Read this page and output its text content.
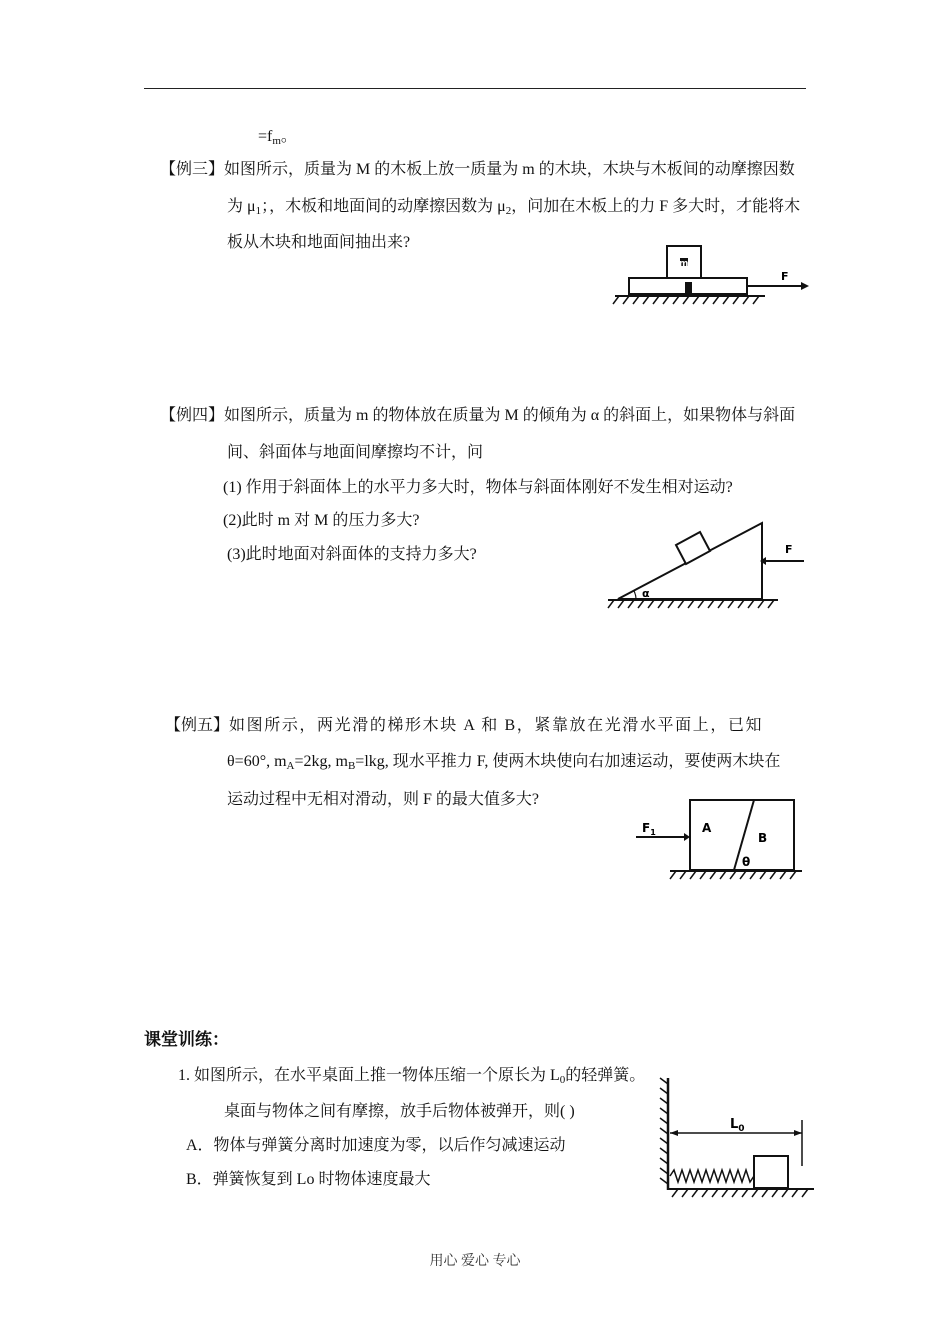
$=f_m$。
【例三】如图所示，质量为 M 的木板上放一质量为 m 的木块，木块与木板间的动摩擦因数
为 $\mu_1$；，木板和地面间的动摩擦因数为 $\mu_2$，问加在木板上的力 F 多大时，才能将木
板从木块和地面间抽出来?
F
m
【例四】如图所示，质量为 m 的物体放在质量为 M 的倾角为 α 的斜面上，如果物体与斜面
间、斜面体与地面间摩擦均不计，问
(1) 作用于斜面体上的水平力多大时，物体与斜面体刚好不发生相对运动?
(2)此时 m 对 M 的压力多大?
(3)此时地面对斜面体的支持力多大?	F
α
【例五】如图所示，两光滑的梯形木块 A 和 B，紧靠放在光滑水平面上，已知
θ=60°, $m_A=2kg$, $m_B=lkg$, 现水平推力 F, 使两木块使向右加速运动，要使两木块在
运动过程中无相对滑动，则 F 的最大值多大?
A
B
θ
$F_1$
课堂训练：
1. 如图所示，在水平桌面上推一物体压缩一个原长为 $L_0$的轻弹簧。
桌面与物体之间有摩擦，放手后物体被弹开，则( )
A．物体与弹簧分离时加速度为零，以后作匀减速运动
B．弹簧恢复到 Lo 时物体速度最大
$L_0$
用心 爱心 专心
